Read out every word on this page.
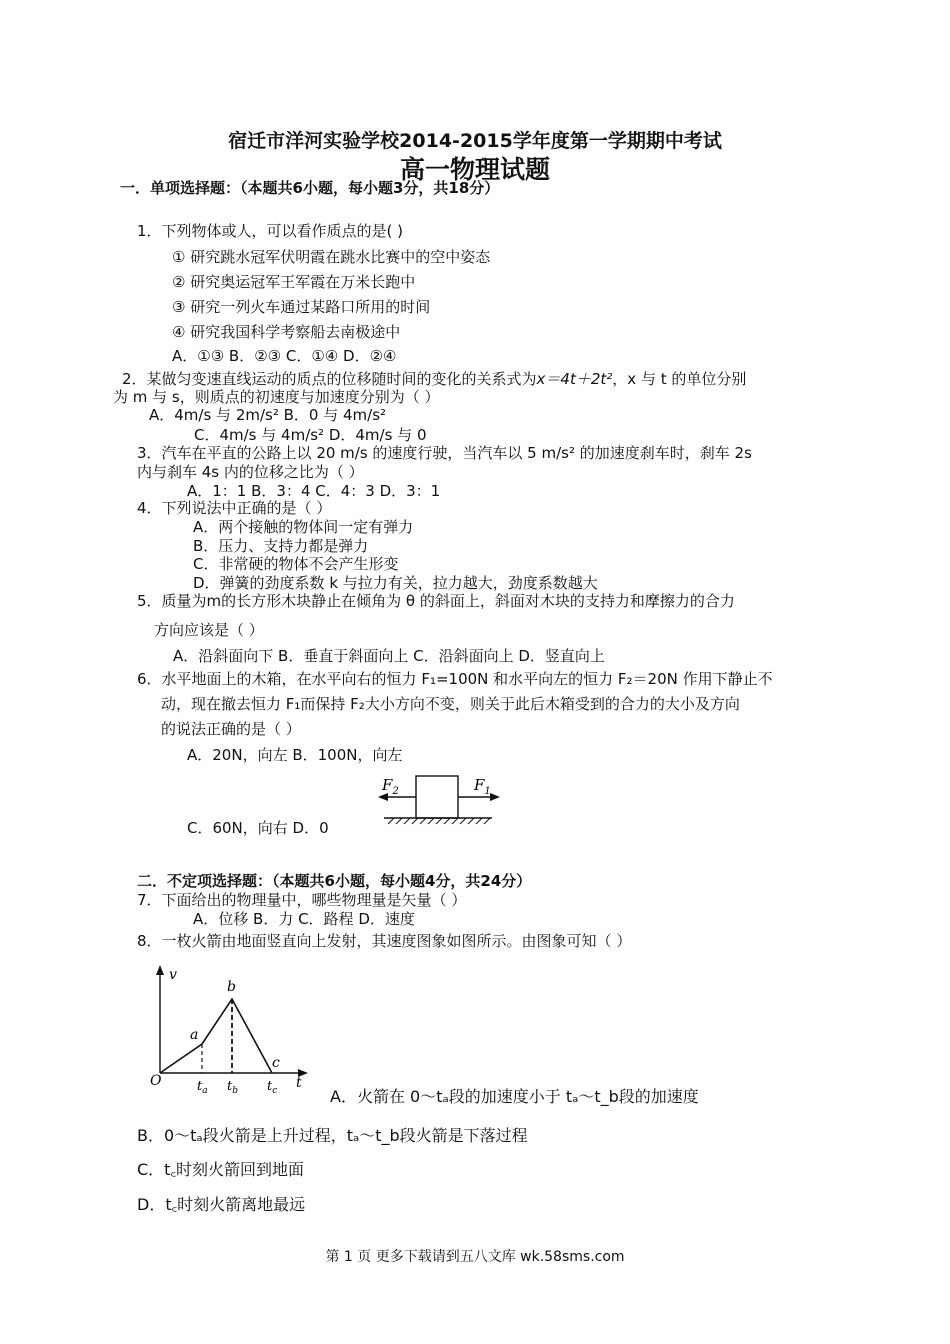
宿迁市洋河实验学校2014-2015学年度第一学期期中考试
高一物理试题
一．单项选择题：（本题共6小题，每小题3分，共18分）
1．下列物体或人，可以看作质点的是( )
① 研究跳水冠军伏明霞在跳水比赛中的空中姿态
② 研究奥运冠军王军霞在万米长跑中
③ 研究一列火车通过某路口所用的时间
④ 研究我国科学考察船去南极途中
A．①③ B．②③ C．①④ D．②④
2．某做匀变速直线运动的质点的位移随时间的变化的关系式为x＝4t＋2t²，x 与 t 的单位分别
为 m 与 s，则质点的初速度与加速度分别为（ ）
A．4m/s 与 2m/s² B．0 与 4m/s²
C．4m/s 与 4m/s² D．4m/s 与 0
3．汽车在平直的公路上以 20 m/s 的速度行驶，当汽车以 5 m/s² 的加速度刹车时，刹车 2s
内与刹车 4s 内的位移之比为（ ）
A．1：1 B．3：4 C．4：3 D．3：1
4．下列说法中正确的是（ ）
A．两个接触的物体间一定有弹力
B．压力、支持力都是弹力
C．非常硬的物体不会产生形变
D．弹簧的劲度系数 k 与拉力有关，拉力越大，劲度系数越大
5．质量为m的长方形木块静止在倾角为 θ 的斜面上，斜面对木块的支持力和摩擦力的合力
方向应该是（ ）
A．沿斜面向下 B．垂直于斜面向上 C．沿斜面向上 D．竖直向上
6．水平地面上的木箱，在水平向右的恒力 F₁=100N 和水平向左的恒力 F₂＝20N 作用下静止不
动，现在撤去恒力 F₁而保持 F₂大小方向不变，则关于此后木箱受到的合力的大小及方向
的说法正确的是（ ）
A．20N，向左 B．100N，向左
C．60N，向右 D．0
$F_2$	$F_1$
二．不定项选择题：（本题共6小题，每小题4分，共24分）
7．下面给出的物理量中，哪些物理量是矢量（ ）
A．位移 B．力 C．路程 D．速度
8．一枚火箭由地面竖直向上发射，其速度图象如图所示。由图象可知（ ）
v
O
a
b
c
t
$t_a$ $t_b$ $t_c$	A．火箭在 0～tₐ段的加速度小于 tₐ～t_b段的加速度
B．0～tₐ段火箭是上升过程，tₐ～t_b段火箭是下落过程
C．t꜀时刻火箭回到地面
D．t꜀时刻火箭离地最远
第 1 页 更多下载请到五八文库 wk.58sms.com
